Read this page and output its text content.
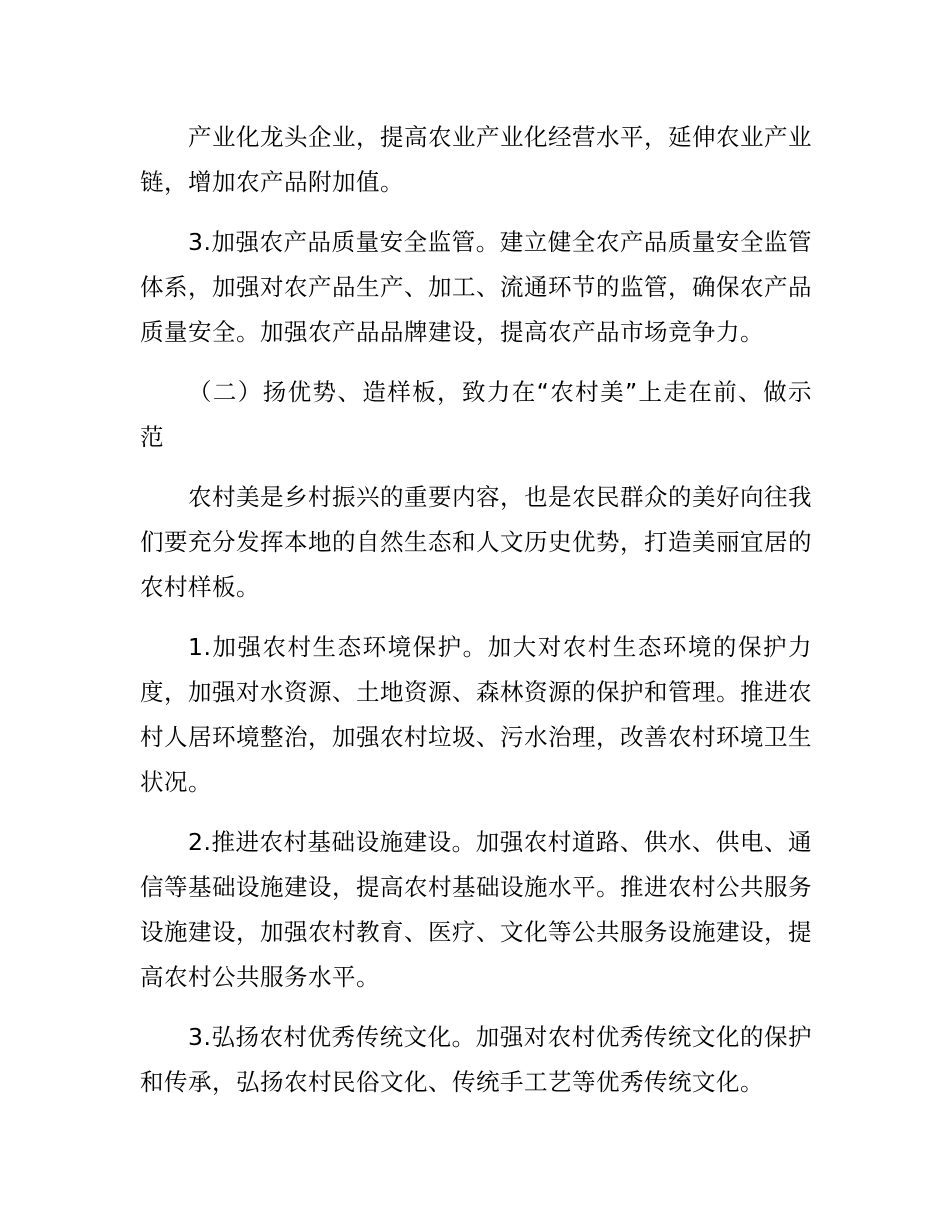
产业化龙头企业，提高农业产业化经营水平，延伸农业产业链，增加农产品附加值。

3.加强农产品质量安全监管。建立健全农产品质量安全监管体系，加强对农产品生产、加工、流通环节的监管，确保农产品质量安全。加强农产品品牌建设，提高农产品市场竞争力。

（二）扬优势、造样板，致力在“农村美”上走在前、做示范

农村美是乡村振兴的重要内容，也是农民群众的美好向往我们要充分发挥本地的自然生态和人文历史优势，打造美丽宜居的农村样板。

1.加强农村生态环境保护。加大对农村生态环境的保护力度，加强对水资源、土地资源、森林资源的保护和管理。推进农村人居环境整治，加强农村垃圾、污水治理，改善农村环境卫生状况。

2.推进农村基础设施建设。加强农村道路、供水、供电、通信等基础设施建设，提高农村基础设施水平。推进农村公共服务设施建设，加强农村教育、医疗、文化等公共服务设施建设，提高农村公共服务水平。

3.弘扬农村优秀传统文化。加强对农村优秀传统文化的保护和传承，弘扬农村民俗文化、传统手工艺等优秀传统文化。
